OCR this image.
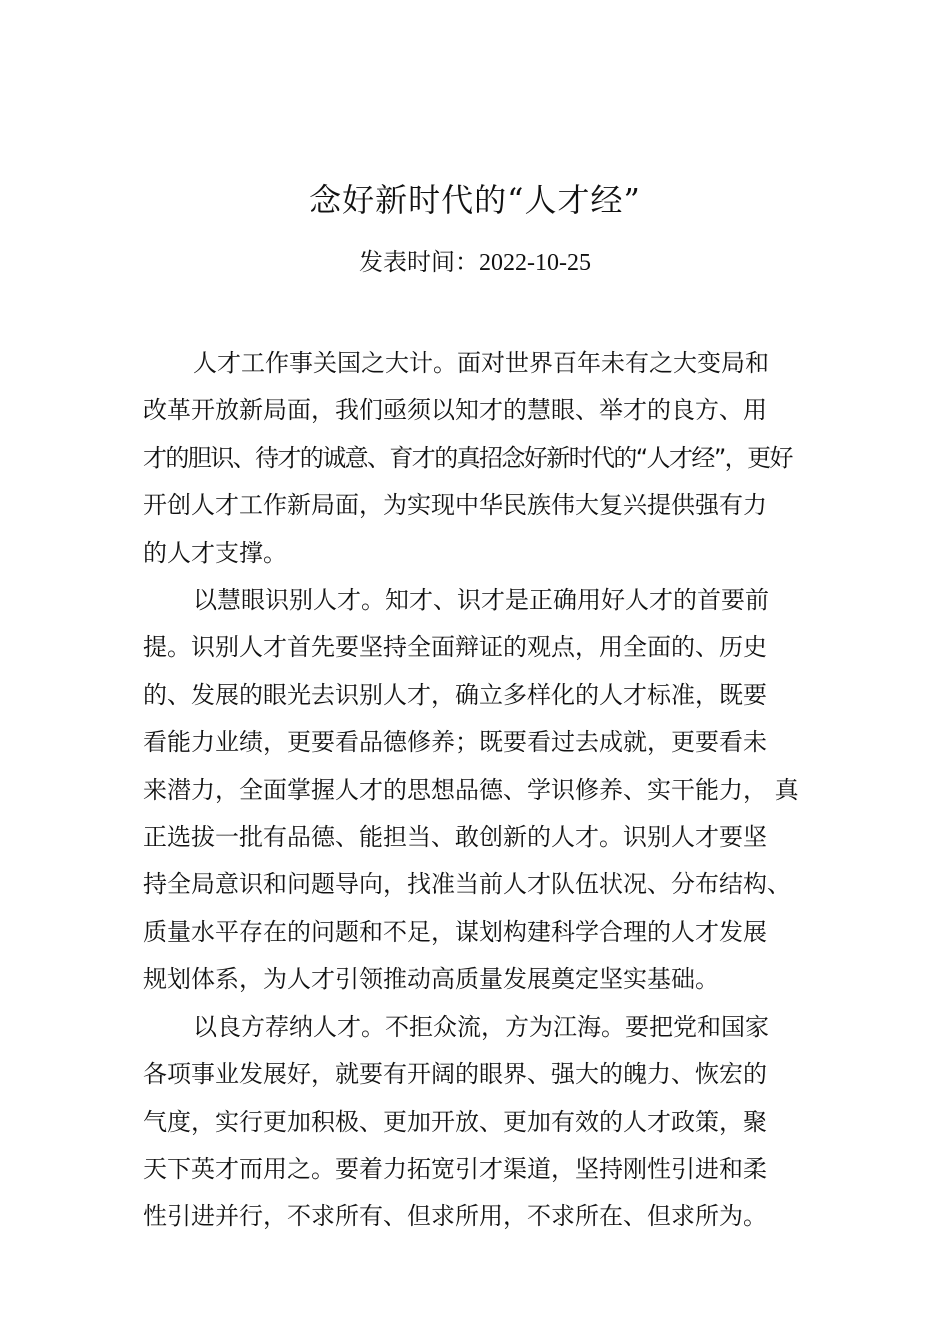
念好新时代的“人才经”
发表时间：2022-10-25

人才工作事关国之大计。面对世界百年未有之大变局和
改革开放新局面，我们亟须以知才的慧眼、举才的良方、用
才的胆识、待才的诚意、育才的真招念好新时代的“人才经”，更好
开创人才工作新局面，为实现中华民族伟大复兴提供强有力
的人才支撑。

以慧眼识别人才。知才、识才是正确用好人才的首要前
提。识别人才首先要坚持全面辩证的观点，用全面的、历史
的、发展的眼光去识别人才，确立多样化的人才标准，既要
看能力业绩，更要看品德修养；既要看过去成就，更要看未
来潜力，全面掌握人才的思想品德、学识修养、实干能力， 真
正选拔一批有品德、能担当、敢创新的人才。识别人才要坚
持全局意识和问题导向，找准当前人才队伍状况、分布结构、
质量水平存在的问题和不足，谋划构建科学合理的人才发展
规划体系，为人才引领推动高质量发展奠定坚实基础。

以良方荐纳人才。不拒众流，方为江海。要把党和国家
各项事业发展好，就要有开阔的眼界、强大的魄力、恢宏的
气度，实行更加积极、更加开放、更加有效的人才政策，聚
天下英才而用之。要着力拓宽引才渠道，坚持刚性引进和柔
性引进并行，不求所有、但求所用，不求所在、但求所为。
